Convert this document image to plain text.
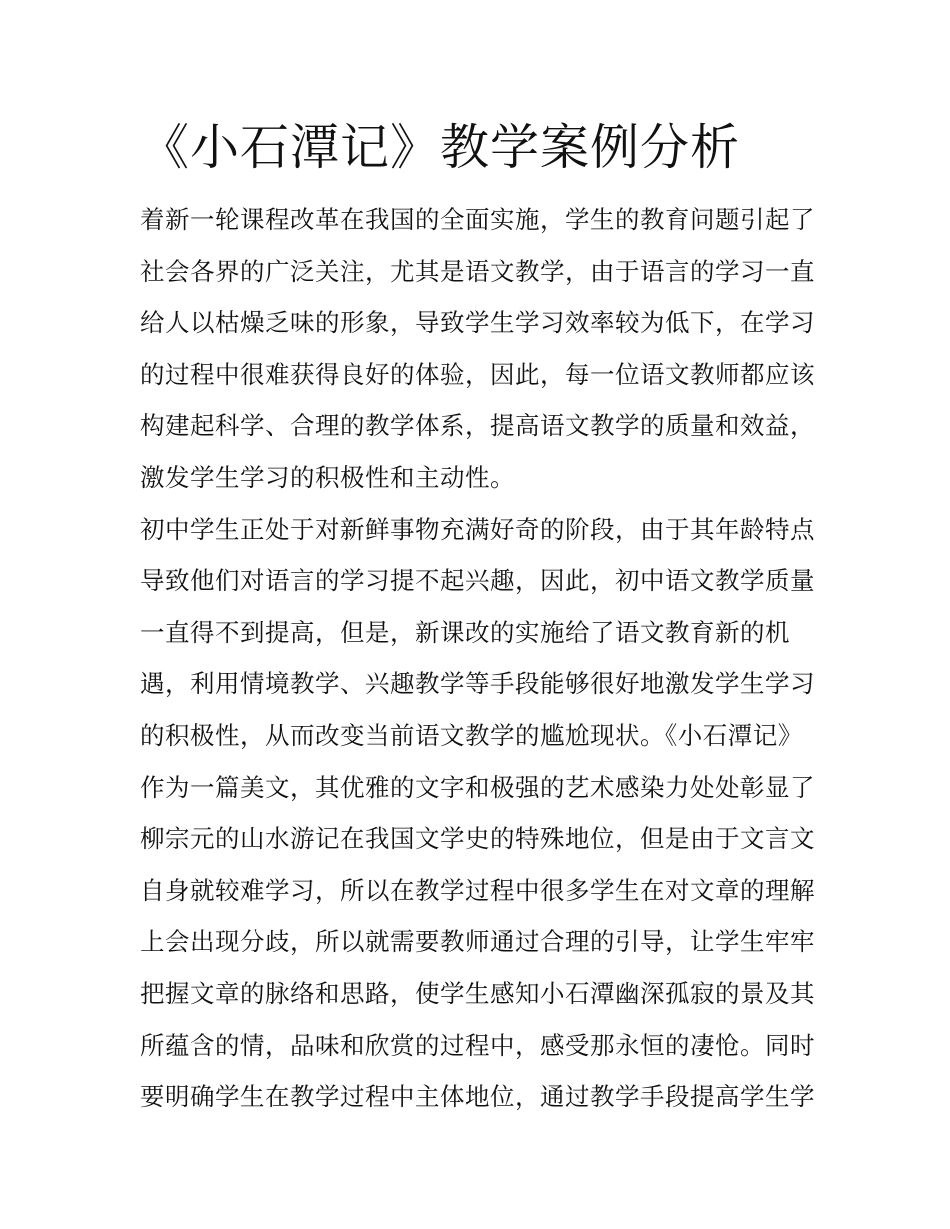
《小石潭记》教学案例分析
着新一轮课程改革在我国的全面实施，学生的教育问题引起了
社会各界的广泛关注，尤其是语文教学，由于语言的学习一直
给人以枯燥乏味的形象，导致学生学习效率较为低下，在学习
的过程中很难获得良好的体验，因此，每一位语文教师都应该
构建起科学、合理的教学体系，提高语文教学的质量和效益，
激发学生学习的积极性和主动性。
初中学生正处于对新鲜事物充满好奇的阶段，由于其年龄特点
导致他们对语言的学习提不起兴趣，因此，初中语文教学质量
一直得不到提高，但是，新课改的实施给了语文教育新的机
遇，利用情境教学、兴趣教学等手段能够很好地激发学生学习
的积极性，从而改变当前语文教学的尴尬现状。《小石潭记》
作为一篇美文，其优雅的文字和极强的艺术感染力处处彰显了
柳宗元的山水游记在我国文学史的特殊地位，但是由于文言文
自身就较难学习，所以在教学过程中很多学生在对文章的理解
上会出现分歧，所以就需要教师通过合理的引导，让学生牢牢
把握文章的脉络和思路，使学生感知小石潭幽深孤寂的景及其
所蕴含的情，品味和欣赏的过程中，感受那永恒的凄怆。同时
要明确学生在教学过程中主体地位，通过教学手段提高学生学
